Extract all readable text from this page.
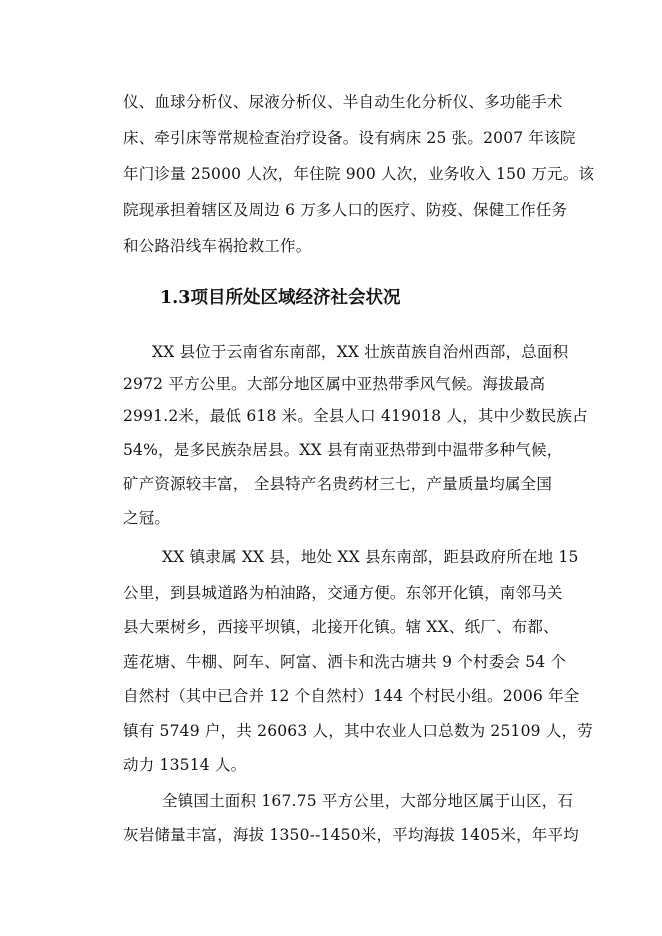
仪、血球分析仪、尿液分析仪、半自动生化分析仪、多功能手术
床、牵引床等常规检查治疗设备。设有病床 25 张。2007 年该院
年门诊量 25000 人次，年住院 900 人次，业务收入 150 万元。该
院现承担着辖区及周边 6 万多人口的医疗、防疫、保健工作任务
和公路沿线车祸抢救工作。
1.3项目所处区域经济社会状况
XX 县位于云南省东南部，XX 壮族苗族自治州西部，总面积
2972 平方公里。大部分地区属中亚热带季风气候。海拔最高
2991.2米，最低 618 米。全县人口 419018 人，其中少数民族占
54%，是多民族杂居县。XX 县有南亚热带到中温带多种气候，
矿产资源较丰富， 全县特产名贵药材三七，产量质量均属全国
之冠。
XX 镇隶属 XX 县，地处 XX 县东南部，距县政府所在地 15
公里，到县城道路为柏油路，交通方便。东邻开化镇，南邻马关
县大栗树乡，西接平坝镇，北接开化镇。辖 XX、纸厂、布都、
莲花塘、牛棚、阿车、阿富、洒卡和洗古塘共 9 个村委会 54 个
自然村（其中已合并 12 个自然村）144 个村民小组。2006 年全
镇有 5749 户，共 26063 人，其中农业人口总数为 25109 人，劳
动力 13514 人。
全镇国土面积 167.75 平方公里，大部分地区属于山区，石
灰岩储量丰富，海拔 1350--1450米，平均海拔 1405米，年平均
